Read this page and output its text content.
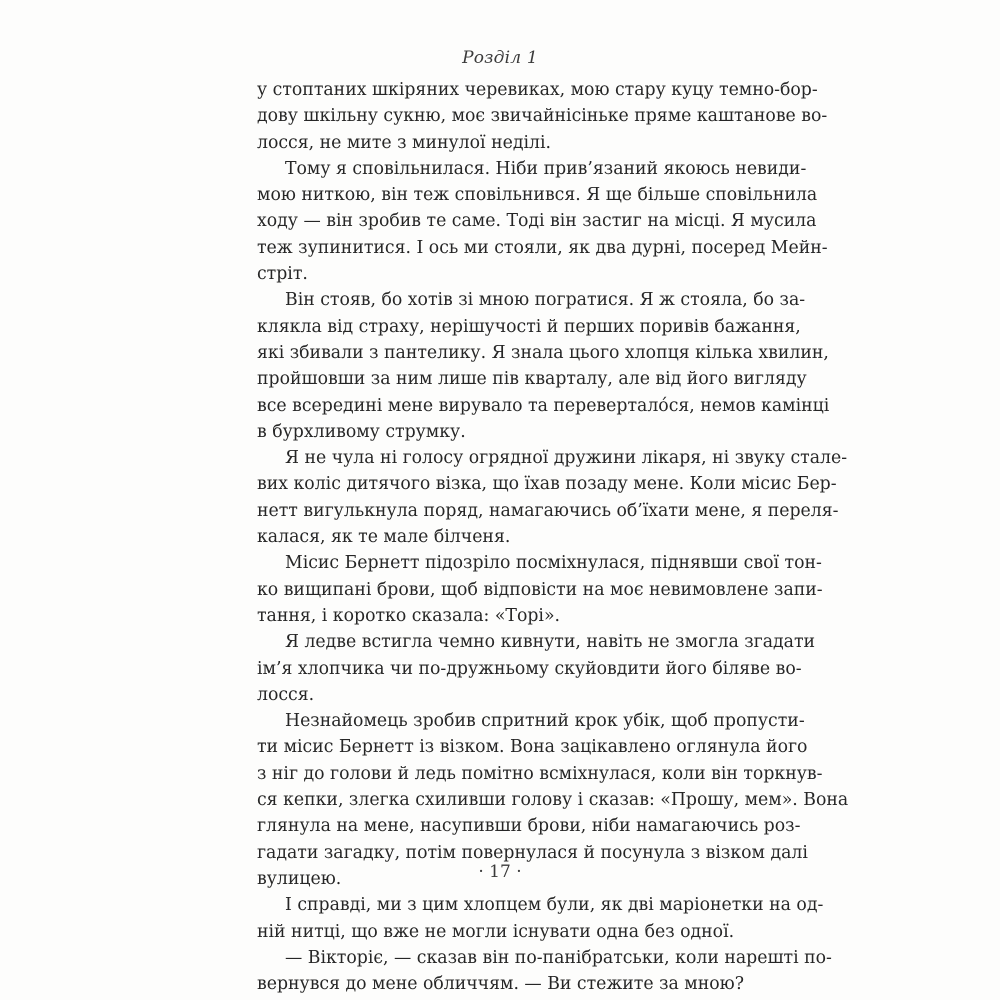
Розділ 1
у стоптаних шкіряних черевиках, мою стару куцу темно-бор-
дову шкільну сукню, моє звичайнісіньке пряме каштанове во-
лосся, не мите з минулої неділі.
Тому я сповільнилася. Ніби прив’язаний якоюсь невиди-
мою ниткою, він теж сповільнився. Я ще більше сповільнила
ходу — він зробив те саме. Тоді він застиг на місці. Я мусила
теж зупинитися. І ось ми стояли, як два дурні, посеред Мейн-
стріт.
Він стояв, бо хотів зі мною погратися. Я ж стояла, бо за-
клякла від страху, нерішучості й перших поривів бажання,
які збивали з пантелику. Я знала цього хлопця кілька хвилин,
пройшовши за ним лише пів кварталу, але від його вигляду
все всередині мене вирувало та перевертало́ся, немов камінці
в бурхливому струмку.
Я не чула ні голосу огрядної дружини лікаря, ні звуку стале-
вих коліс дитячого візка, що їхав позаду мене. Коли місис Бер-
нетт вигулькнула поряд, намагаючись об’їхати мене, я переля-
калася, як те мале білченя.
Місис Бернетт підозріло посміхнулася, піднявши свої тон-
ко вищипані брови, щоб відповісти на моє невимовлене запи-
тання, і коротко сказала: «Торі».
Я ледве встигла чемно кивнути, навіть не змогла згадати
ім’я хлопчика чи по-дружньому скуйовдити його біляве во-
лосся.
Незнайомець зробив спритний крок убік, щоб пропусти-
ти місис Бернетт із візком. Вона зацікавлено оглянула його
з ніг до голови й ледь помітно всміхнулася, коли він торкнув-
ся кепки, злегка схиливши голову і сказав: «Прошу, мем». Вона
глянула на мене, насупивши брови, ніби намагаючись роз-
гадати загадку, потім повернулася й посунула з візком далі
вулицею.
І справді, ми з цим хлопцем були, як дві маріонетки на од-
ній нитці, що вже не могли існувати одна без одної.
— Вікторіє, — сказав він по-панібратськи, коли нарешті по-
вернувся до мене обличчям. — Ви стежите за мною?
· 17 ·
